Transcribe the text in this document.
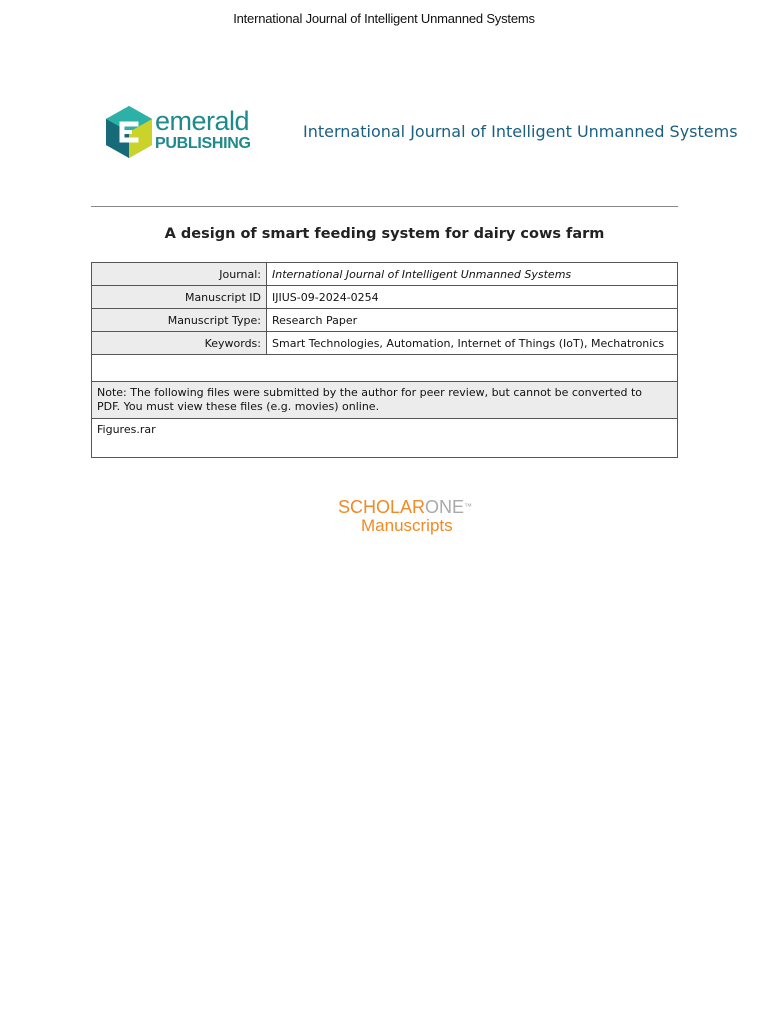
International Journal of Intelligent Unmanned Systems
emerald
PUBLISHING
International Journal of Intelligent Unmanned Systems
A design of smart feeding system for dairy cows farm
Journal:	International Journal of Intelligent Unmanned Systems
Manuscript ID	IJIUS-09-2024-0254
Manuscript Type:	Research Paper
Keywords:	Smart Technologies, Automation, Internet of Things (IoT), Mechatronics

Note: The following files were submitted by the author for peer review, but cannot be converted to
PDF. You must view these files (e.g. movies) online.	
Figures.rar	
SCHOLARONE™
Manuscripts
